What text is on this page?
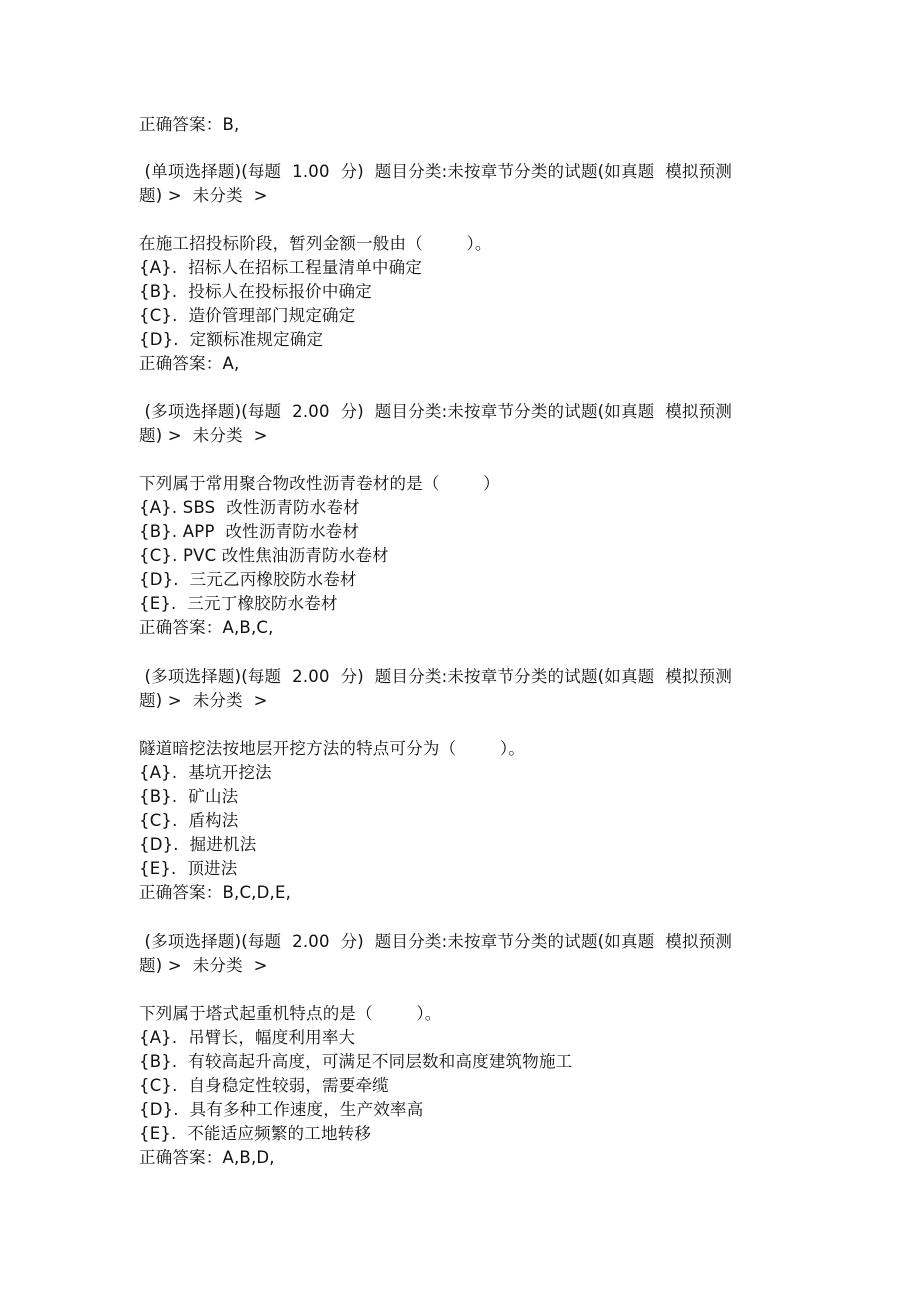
正确答案：B,
(单项选择题)(每题  1.00  分)  题目分类:未按章节分类的试题(如真题  模拟预测
题) >  未分类  >
在施工招投标阶段，暂列金额一般由（        ）。
{A}.  招标人在招标工程量清单中确定
{B}.  投标人在投标报价中确定
{C}.  造价管理部门规定确定
{D}.  定额标准规定确定
正确答案：A,
(多项选择题)(每题  2.00  分)  题目分类:未按章节分类的试题(如真题  模拟预测
题) >  未分类  >
下列属于常用聚合物改性沥青卷材的是（        ）
{A}. SBS  改性沥青防水卷材
{B}. APP  改性沥青防水卷材
{C}. PVC 改性焦油沥青防水卷材
{D}.  三元乙丙橡胶防水卷材
{E}.  三元丁橡胶防水卷材
正确答案：A,B,C,
(多项选择题)(每题  2.00  分)  题目分类:未按章节分类的试题(如真题  模拟预测
题) >  未分类  >
隧道暗挖法按地层开挖方法的特点可分为（        ）。
{A}.  基坑开挖法
{B}.  矿山法
{C}.  盾构法
{D}.  掘进机法
{E}.  顶进法
正确答案：B,C,D,E,
(多项选择题)(每题  2.00  分)  题目分类:未按章节分类的试题(如真题  模拟预测
题) >  未分类  >
下列属于塔式起重机特点的是（        ）。
{A}.  吊臂长，幅度利用率大
{B}.  有较高起升高度，可满足不同层数和高度建筑物施工
{C}.  自身稳定性较弱，需要牵缆
{D}.  具有多种工作速度，生产效率高
{E}.  不能适应频繁的工地转移
正确答案：A,B,D,
